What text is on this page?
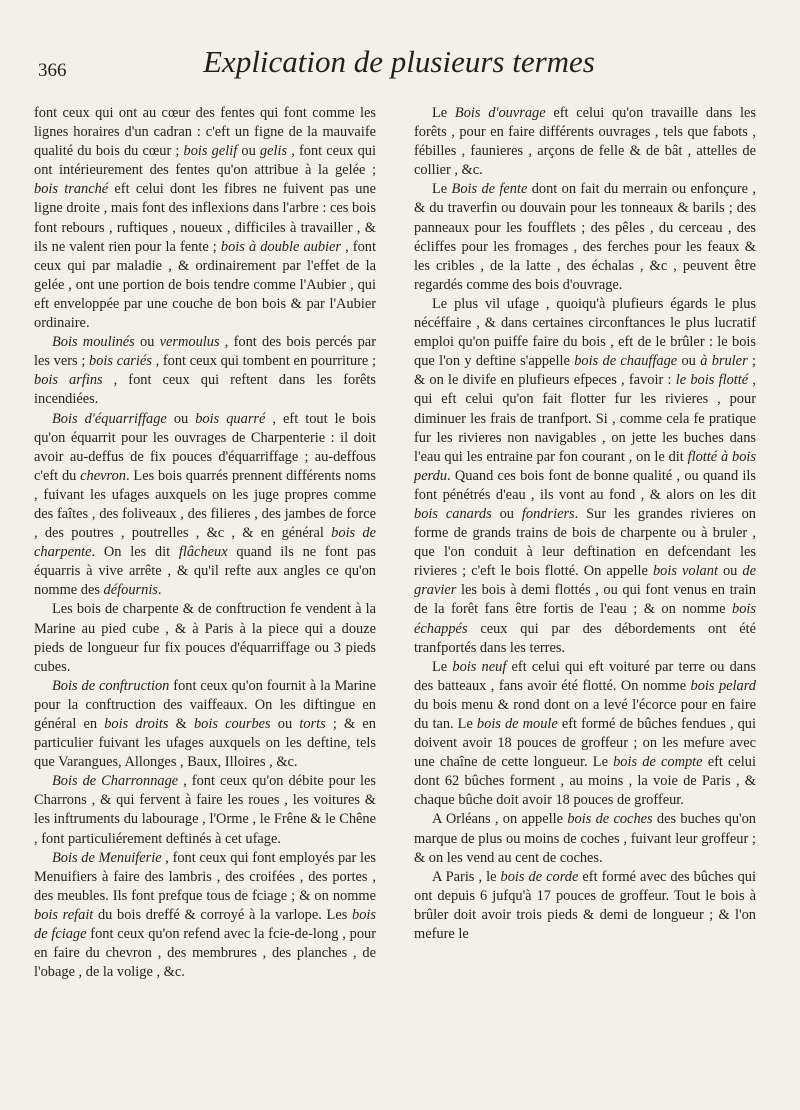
366	Explication de plusieurs termes

font ceux qui ont au cœur des fentes qui font comme les lignes horaires d'un cadran : c'eft un figne de la mauvaife qualité du bois du cœur ; bois gelif ou gelis , font ceux qui ont intérieurement des fentes qu'on attribue à la gelée ; bois tranché eft celui dont les fibres ne fuivent pas une ligne droite , mais font des inflexions dans l'arbre : ces bois font rebours , ruftiques , noueux , difficiles à travailler , & ils ne valent rien pour la fente ; bois à double aubier , font ceux qui par maladie , & ordinairement par l'effet de la gelée , ont une portion de bois tendre comme l'Aubier , qui eft enveloppée par une couche de bon bois & par l'Aubier ordinaire.

Bois moulinés ou vermoulus , font des bois percés par les vers ; bois cariés , font ceux qui tombent en pourriture ; bois arfins , font ceux qui reftent dans les forêts incendiées.

Bois d'équarriffage ou bois quarré , eft tout le bois qu'on équarrit pour les ouvrages de Charpenterie : il doit avoir au-deffus de fix pouces d'équarriffage ; au-deffous c'eft du chevron. Les bois quarrés prennent différents noms , fuivant les ufages auxquels on les juge propres comme des faîtes , des foliveaux , des filieres , des jambes de force , des poutres , poutrelles , &c , & en général bois de charpente. On les dit flâcheux quand ils ne font pas équarris à vive arrête , & qu'il refte aux angles ce qu'on nomme des défournis.

Les bois de charpente & de conftruction fe vendent à la Marine au pied cube , & à Paris à la piece qui a douze pieds de longueur fur fix pouces d'équarriffage ou 3 pieds cubes.

Bois de conftruction font ceux qu'on fournit à la Marine pour la conftruction des vaiffeaux. On les diftingue en général en bois droits & bois courbes ou torts ; & en particulier fuivant les ufages auxquels on les deftine, tels que Varangues, Allonges , Baux, Illoires , &c.

Bois de Charronnage , font ceux qu'on débite pour les Charrons , & qui fervent à faire les roues , les voitures & les inftruments du labourage , l'Orme , le Frêne & le Chêne , font particuliérement deftinés à cet ufage.

Bois de Menuiferie , font ceux qui font employés par les Menuifiers à faire des lambris , des croifées , des portes , des meubles. Ils font prefque tous de fciage ; & on nomme bois refait du bois dreffé & corroyé à la varlope. Les bois de fciage font ceux qu'on refend avec la fcie-de-long , pour en faire du chevron , des membrures , des planches , de l'obage , de la volige , &c.

Le Bois d'ouvrage eft celui qu'on travaille dans les forêts , pour en faire différents ouvrages , tels que fabots , fébilles , faunieres , arçons de felle & de bât , attelles de collier , &c.

Le Bois de fente dont on fait du merrain ou enfonçure , & du traverfin ou douvain pour les tonneaux & barils ; des panneaux pour les foufflets ; des pêles , du cerceau , des écliffes pour les fromages , des ferches pour les feaux & les cribles , de la latte , des échalas , &c , peuvent être regardés comme des bois d'ouvrage.

Le plus vil ufage , quoiqu'à plufieurs égards le plus nécéffaire , & dans certaines circonftances le plus lucratif emploi qu'on puiffe faire du bois , eft de le brûler : le bois que l'on y deftine s'appelle bois de chauffage ou à bruler ; & on le divife en plufieurs efpeces , favoir : le bois flotté , qui eft celui qu'on fait flotter fur les rivieres , pour diminuer les frais de tranfport. Si , comme cela fe pratique fur les rivieres non navigables , on jette les buches dans l'eau qui les entraine par fon courant , on le dit flotté à bois perdu. Quand ces bois font de bonne qualité , ou quand ils font pénétrés d'eau , ils vont au fond , & alors on les dit bois canards ou fondriers. Sur les grandes rivieres on forme de grands trains de bois de charpente ou à bruler , que l'on conduit à leur deftination en defcendant les rivieres ; c'eft le bois flotté. On appelle bois volant ou de gravier les bois à demi flottés , ou qui font venus en train de la forêt fans être fortis de l'eau ; & on nomme bois échappés ceux qui par des débordements ont été tranfportés dans les terres.

Le bois neuf eft celui qui eft voituré par terre ou dans des batteaux , fans avoir été flotté. On nomme bois pelard du bois menu & rond dont on a levé l'écorce pour en faire du tan. Le bois de moule eft formé de bûches fendues , qui doivent avoir 18 pouces de groffeur ; on les mefure avec une chaîne de cette longueur. Le bois de compte eft celui dont 62 bûches forment , au moins , la voie de Paris , & chaque bûche doit avoir 18 pouces de groffeur.

A Orléans , on appelle bois de coches des buches qu'on marque de plus ou moins de coches , fuivant leur groffeur ; & on les vend au cent de coches.

A Paris , le bois de corde eft formé avec des bûches qui ont depuis 6 jufqu'à 17 pouces de groffeur. Tout le bois à brûler doit avoir trois pieds & demi de longueur ; & l'on mefure le
